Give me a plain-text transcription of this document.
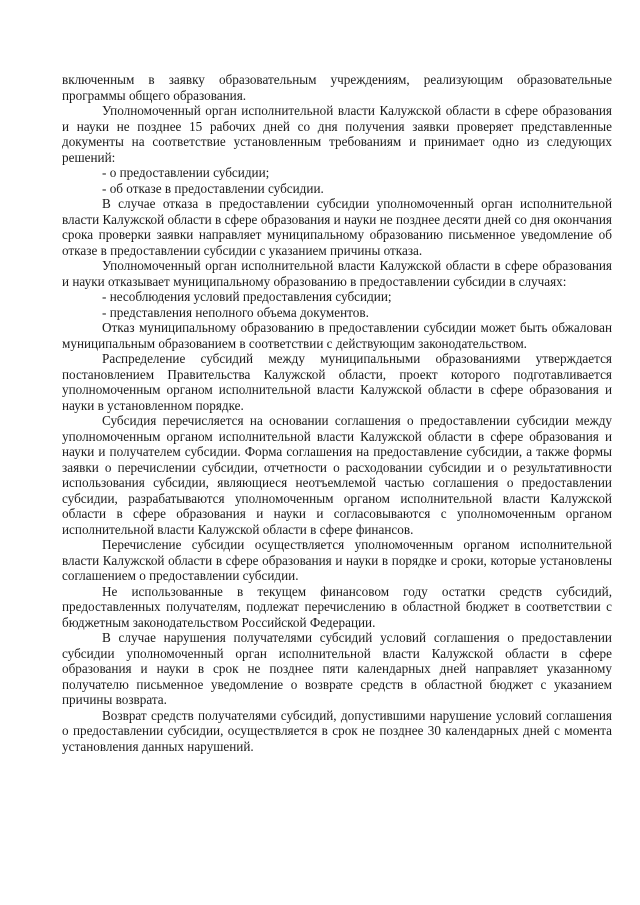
включенным в заявку образовательным учреждениям, реализующим образовательные программы общего образования.

Уполномоченный орган исполнительной власти Калужской области в сфере образования и науки не позднее 15 рабочих дней со дня получения заявки проверяет представленные документы на соответствие установленным требованиям и принимает одно из следующих решений:

- о предоставлении субсидии;

- об отказе в предоставлении субсидии.

В случае отказа в предоставлении субсидии уполномоченный орган исполнительной власти Калужской области в сфере образования и науки не позднее десяти дней со дня окончания срока проверки заявки направляет муниципальному образованию письменное уведомление об отказе в предоставлении субсидии с указанием причины отказа.

Уполномоченный орган исполнительной власти Калужской области в сфере образования и науки отказывает муниципальному образованию в предоставлении субсидии в случаях:

- несоблюдения условий предоставления субсидии;

- представления неполного объема документов.

Отказ муниципальному образованию в предоставлении субсидии может быть обжалован муниципальным образованием в соответствии с действующим законодательством.

Распределение субсидий между муниципальными образованиями утверждается постановлением Правительства Калужской области, проект которого подготавливается уполномоченным органом исполнительной власти Калужской области в сфере образования и науки в установленном порядке.

Субсидия перечисляется на основании соглашения о предоставлении субсидии между уполномоченным органом исполнительной власти Калужской области в сфере образования и науки и получателем субсидии. Форма соглашения на предоставление субсидии, а также формы заявки о перечислении субсидии, отчетности о расходовании субсидии и о результативности использования субсидии, являющиеся неотъемлемой частью соглашения о предоставлении субсидии, разрабатываются уполномоченным органом исполнительной власти Калужской области в сфере образования и науки и согласовываются с уполномоченным органом исполнительной власти Калужской области в сфере финансов.

Перечисление субсидии осуществляется уполномоченным органом исполнительной власти Калужской области в сфере образования и науки в порядке и сроки, которые установлены соглашением о предоставлении субсидии.

Не использованные в текущем финансовом году остатки средств субсидий, предоставленных получателям, подлежат перечислению в областной бюджет в соответствии с бюджетным законодательством Российской Федерации.

В случае нарушения получателями субсидий условий соглашения о предоставлении субсидии уполномоченный орган исполнительной власти Калужской области в сфере образования и науки в срок не позднее пяти календарных дней направляет указанному получателю письменное уведомление о возврате средств в областной бюджет с указанием причины возврата.

Возврат средств получателями субсидий, допустившими нарушение условий соглашения о предоставлении субсидии, осуществляется в срок не позднее 30 календарных дней с момента установления данных нарушений.
